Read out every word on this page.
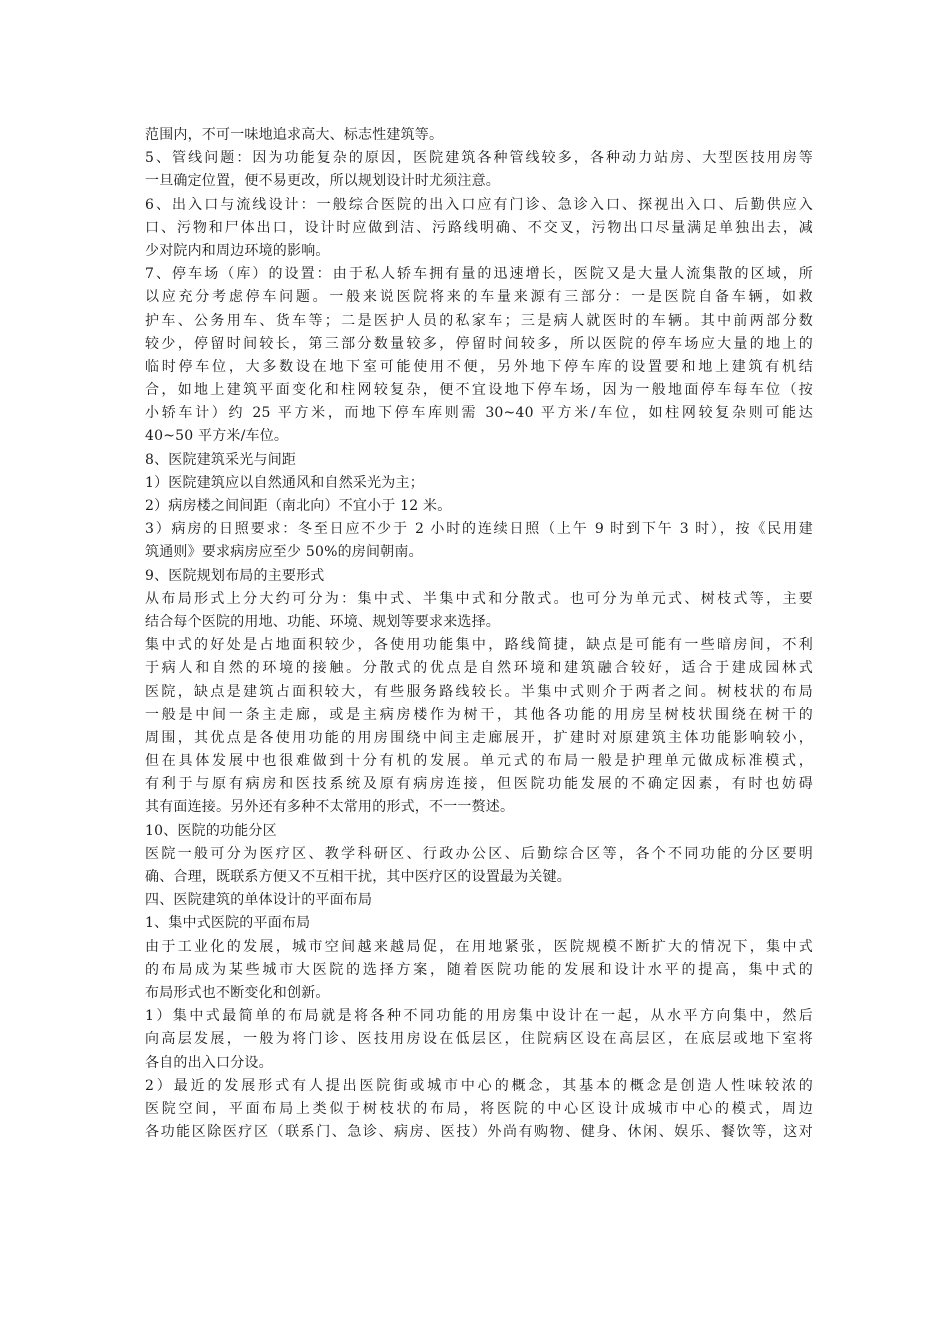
范围内，不可一味地追求高大、标志性建筑等。
5、管线问题：因为功能复杂的原因，医院建筑各种管线较多，各种动力站房、大型医技用房等
一旦确定位置，便不易更改，所以规划设计时尤须注意。
6、出入口与流线设计：一般综合医院的出入口应有门诊、急诊入口、探视出入口、后勤供应入
口、污物和尸体出口，设计时应做到洁、污路线明确、不交叉，污物出口尽量满足单独出去，减
少对院内和周边环境的影响。
7、停车场（库）的设置：由于私人轿车拥有量的迅速增长，医院又是大量人流集散的区域，所
以应充分考虑停车问题。一般来说医院将来的车量来源有三部分：一是医院自备车辆，如救
护车、公务用车、货车等；二是医护人员的私家车；三是病人就医时的车辆。其中前两部分数
较少，停留时间较长，第三部分数量较多，停留时间较多，所以医院的停车场应大量的地上的
临时停车位，大多数设在地下室可能使用不便，另外地下停车库的设置要和地上建筑有机结
合，如地上建筑平面变化和柱网较复杂，便不宜设地下停车场，因为一般地面停车每车位（按
小轿车计）约 25 平方米，而地下停车库则需 30~40 平方米/车位，如柱网较复杂则可能达
40~50 平方米/车位。
8、医院建筑采光与间距
1）医院建筑应以自然通风和自然采光为主；
2）病房楼之间间距（南北向）不宜小于 12 米。
3）病房的日照要求：冬至日应不少于 2 小时的连续日照（上午 9 时到下午 3 时），按《民用建
筑通则》要求病房应至少 50%的房间朝南。
9、医院规划布局的主要形式
从布局形式上分大约可分为：集中式、半集中式和分散式。也可分为单元式、树枝式等，主要
结合每个医院的用地、功能、环境、规划等要求来选择。
集中式的好处是占地面积较少，各使用功能集中，路线简捷，缺点是可能有一些暗房间，不利
于病人和自然的环境的接触。分散式的优点是自然环境和建筑融合较好，适合于建成园林式
医院，缺点是建筑占面积较大，有些服务路线较长。半集中式则介于两者之间。树枝状的布局
一般是中间一条主走廊，或是主病房楼作为树干，其他各功能的用房呈树枝状围绕在树干的
周围，其优点是各使用功能的用房围绕中间主走廊展开，扩建时对原建筑主体功能影响较小，
但在具体发展中也很难做到十分有机的发展。单元式的布局一般是护理单元做成标准模式，
有利于与原有病房和医技系统及原有病房连接，但医院功能发展的不确定因素，有时也妨碍
其有面连接。另外还有多种不太常用的形式，不一一赘述。
10、医院的功能分区
医院一般可分为医疗区、教学科研区、行政办公区、后勤综合区等，各个不同功能的分区要明
确、合理，既联系方便又不互相干扰，其中医疗区的设置最为关键。
四、医院建筑的单体设计的平面布局
1、集中式医院的平面布局
由于工业化的发展，城市空间越来越局促，在用地紧张，医院规模不断扩大的情况下，集中式
的布局成为某些城市大医院的选择方案，随着医院功能的发展和设计水平的提高，集中式的
布局形式也不断变化和创新。
1）集中式最简单的布局就是将各种不同功能的用房集中设计在一起，从水平方向集中，然后
向高层发展，一般为将门诊、医技用房设在低层区，住院病区设在高层区，在底层或地下室将
各自的出入口分设。
2）最近的发展形式有人提出医院街或城市中心的概念，其基本的概念是创造人性味较浓的
医院空间，平面布局上类似于树枝状的布局，将医院的中心区设计成城市中心的模式，周边
各功能区除医疗区（联系门、急诊、病房、医技）外尚有购物、健身、休闲、娱乐、餐饮等，这对
